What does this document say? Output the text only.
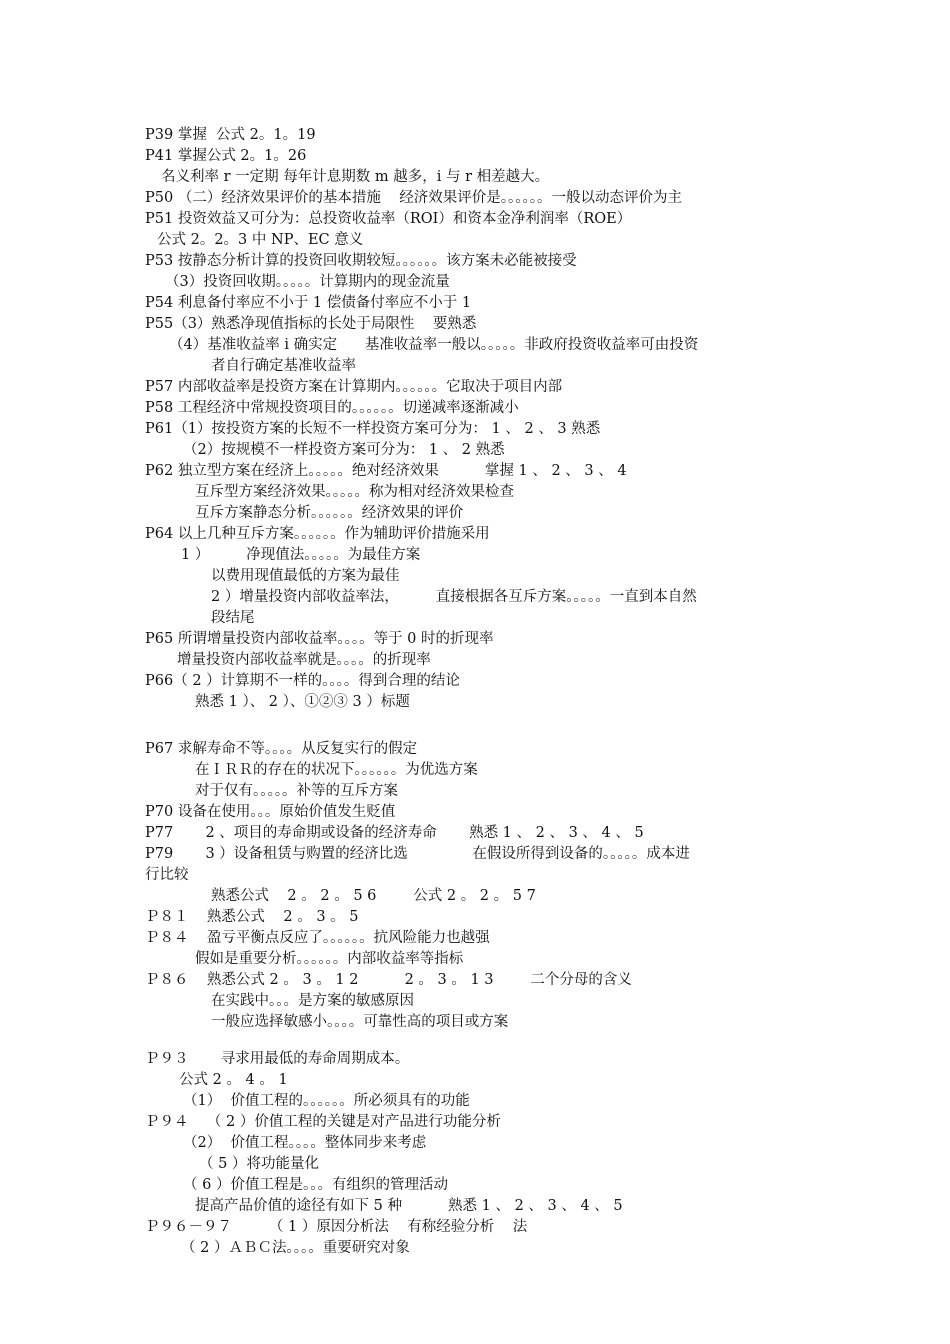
P39 掌握  公式 2。1。19
P41 掌握公式 2。1。26
名义利率 r 一定期 每年计息期数 m 越多，i 与 r 相差越大。
P50 （二）经济效果评价的基本措施    经济效果评价是。。。。。。一般以动态评价为主
P51 投资效益又可分为：总投资收益率（ROI）和资本金净利润率（ROE）
公式 2。2。3 中 NP、EC 意义
P53 按静态分析计算的投资回收期较短。。。。。。该方案未必能被接受
（3）投资回收期。。。。。计算期内的现金流量
P54 利息备付率应不小于 1 偿债备付率应不小于 1
P55（3）熟悉净现值指标的长处于局限性    要熟悉
（4）基准收益率 i 确实定      基准收益率一般以。。。。。非政府投资收益率可由投资
者自行确定基准收益率
P57 内部收益率是投资方案在计算期内。。。。。。它取决于项目内部
P58 工程经济中常规投资项目的。。。。。。切递减率逐渐减小
P61（1）按投资方案的长短不一样投资方案可分为： 1 、 2 、 3 熟悉
（2）按规模不一样投资方案可分为： 1 、 2 熟悉
P62 独立型方案在经济上。。。。。绝对经济效果          掌握 1 、 2 、 3 、 4
互斥型方案经济效果。。。。。称为相对经济效果检查
互斥方案静态分析。。。。。。经济效果的评价
P64 以上几种互斥方案。。。。。。作为辅助评价措施采用
1 ）        净现值法。。。。。为最佳方案
以费用现值最低的方案为最佳
2 ）增量投资内部收益率法，        直接根据各互斥方案。。。。。一直到本自然
段结尾
P65 所谓增量投资内部收益率。。。。等于 0 时的折现率
增量投资内部收益率就是。。。。的折现率
P66（ 2 ）计算期不一样的。。。。得到合理的结论
熟悉 1 ）、 2 ）、①②③ 3 ）标题
P67 求解寿命不等。。。。从反复实行的假定
在ＩＲＲ的存在的状况下。。。。。。为优选方案
对于仅有。。。。。补等的互斥方案
P70 设备在使用。。。原始价值发生贬值
P77       2 、项目的寿命期或设备的经济寿命       熟悉 1 、 2 、 3 、 4 、 5
P79       3 ）设备租赁与购置的经济比选              在假设所得到设备的。。。。。成本进
行比较
熟悉公式    2 。 2 。 5 6        公式 2 。 2 。 5 7
Ｐ８１    熟悉公式    2 。 3 。 5
Ｐ８４    盈亏平衡点反应了。。。。。。抗风险能力也越强
假如是重要分析。。。。。。内部收益率等指标
Ｐ８６    熟悉公式 2 。 3 。 1 2          2 。 3 。 1 3        二个分母的含义
在实践中。。。是方案的敏感原因
一般应选择敏感小。。。。可靠性高的项目或方案
Ｐ９３       寻求用最低的寿命周期成本。
公式 2 。 4 。 1
（1）  价值工程的。。。。。。所必须具有的功能
Ｐ９４    （ 2 ）价值工程的关键是对产品进行功能分析
（2）  价值工程。。。。整体同步来考虑
（ 5 ）将功能量化
（ 6 ）价值工程是。。。有组织的管理活动
提高产品价值的途径有如下 5 种          熟悉 1 、 2 、 3 、 4 、 5
Ｐ９６－９７        （ 1 ）原因分析法    有称经验分析    法
（ 2 ）ＡＢＣ法。。。。重要研究对象
